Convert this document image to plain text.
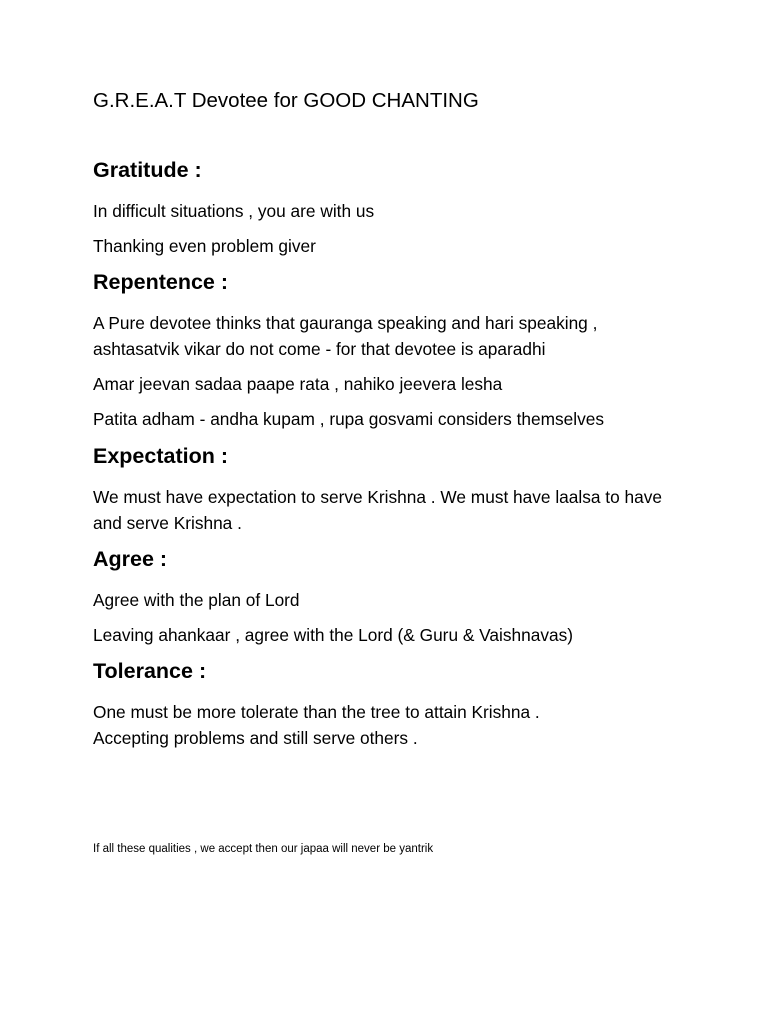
G.R.E.A.T Devotee for GOOD CHANTING
Gratitude :

In difficult situations , you are with us

Thanking even problem giver

Repentence :

A Pure devotee thinks that gauranga speaking and hari speaking , ashtasatvik vikar do not come - for that devotee is aparadhi

Amar jeevan sadaa paape rata , nahiko jeevera lesha

Patita adham - andha kupam , rupa gosvami considers themselves

Expectation :

We must have expectation to serve Krishna . We must have laalsa to have and serve Krishna .

Agree :

Agree with the plan of Lord

Leaving ahankaar , agree with the Lord (& Guru & Vaishnavas)

Tolerance :

One must be more tolerate than the tree to attain Krishna . Accepting problems and still serve others .

If all these qualities , we accept then our japaa will never be yantrik
